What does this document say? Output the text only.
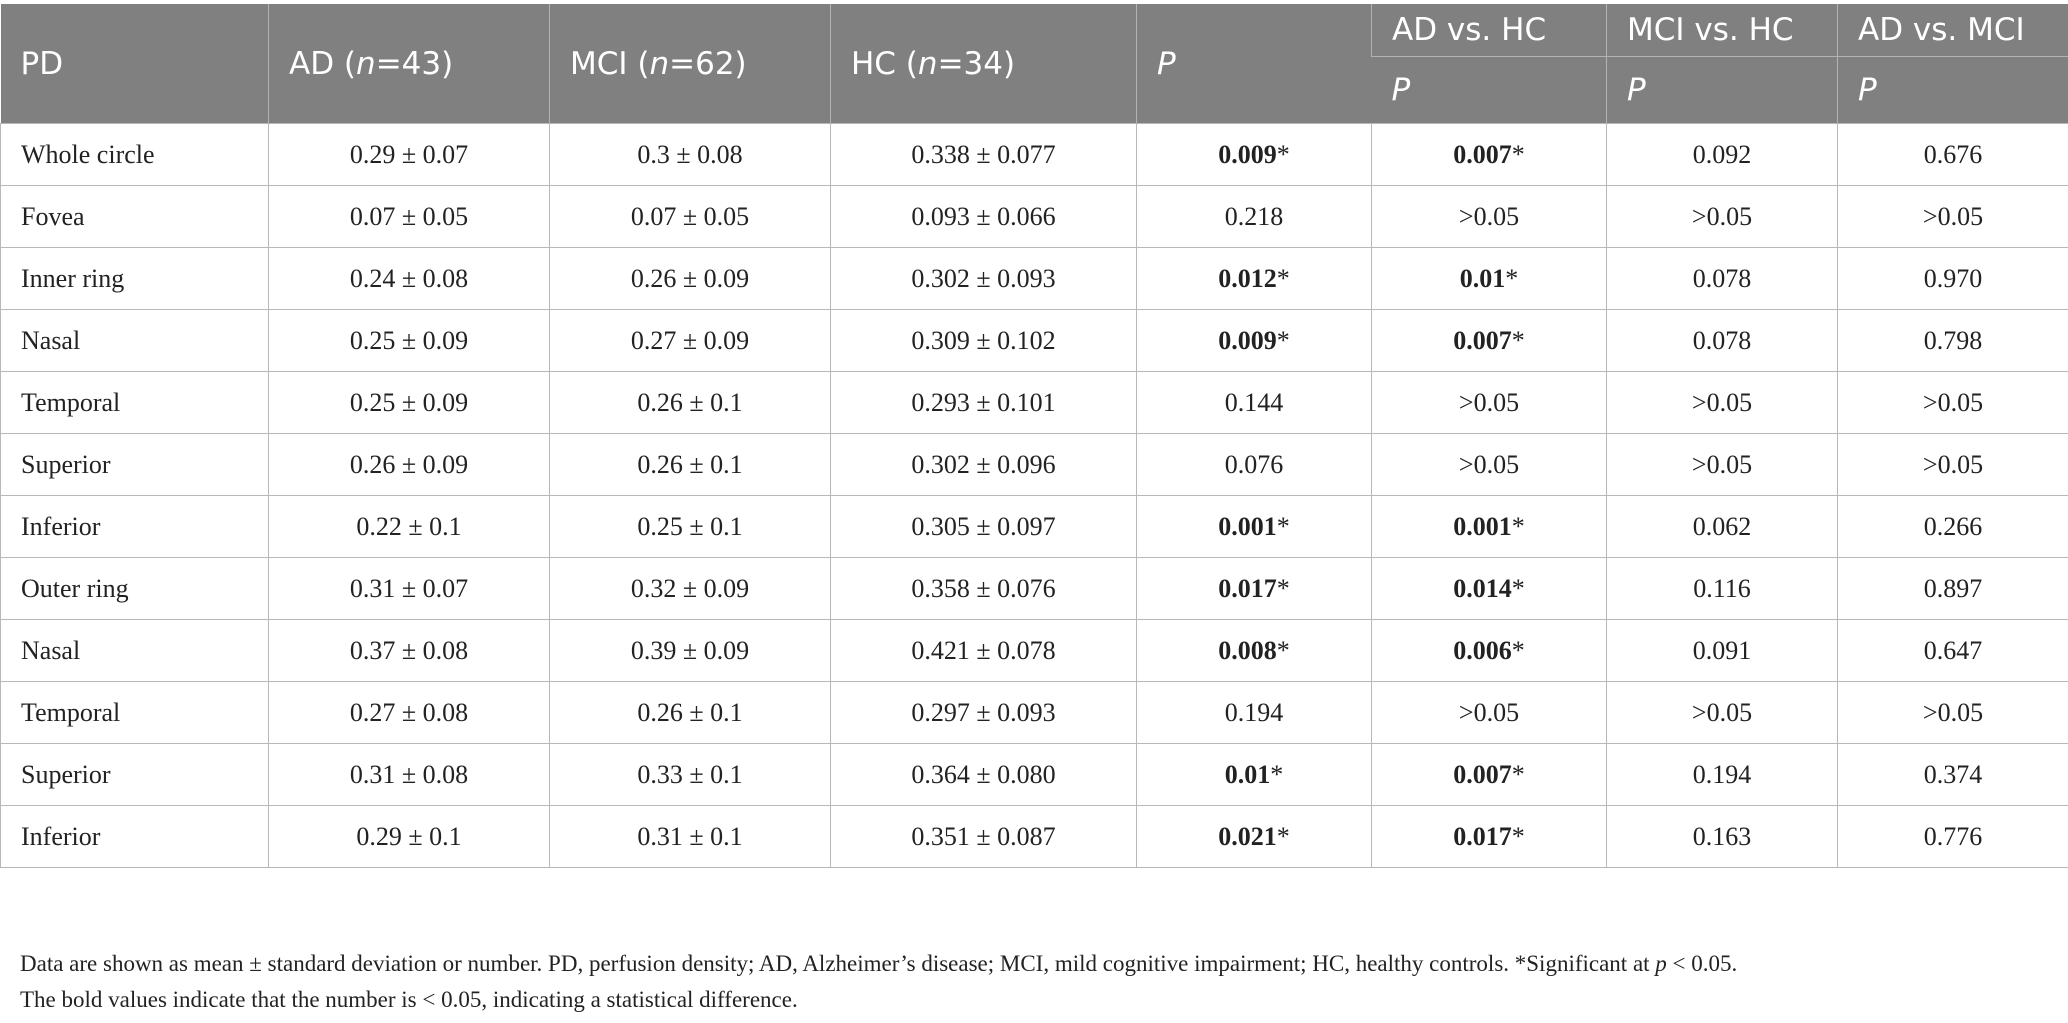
PD	AD (n=43)	MCI (n=62)	HC (n=34)	P	AD vs. HC	MCI vs. HC	AD vs. MCI
					P	P	P
Whole circle	0.29 ± 0.07	0.3 ± 0.08	0.338 ± 0.077	0.009*	0.007*	0.092	0.676
Fovea	0.07 ± 0.05	0.07 ± 0.05	0.093 ± 0.066	0.218	>0.05	>0.05	>0.05
Inner ring	0.24 ± 0.08	0.26 ± 0.09	0.302 ± 0.093	0.012*	0.01*	0.078	0.970
Nasal	0.25 ± 0.09	0.27 ± 0.09	0.309 ± 0.102	0.009*	0.007*	0.078	0.798
Temporal	0.25 ± 0.09	0.26 ± 0.1	0.293 ± 0.101	0.144	>0.05	>0.05	>0.05
Superior	0.26 ± 0.09	0.26 ± 0.1	0.302 ± 0.096	0.076	>0.05	>0.05	>0.05
Inferior	0.22 ± 0.1	0.25 ± 0.1	0.305 ± 0.097	0.001*	0.001*	0.062	0.266
Outer ring	0.31 ± 0.07	0.32 ± 0.09	0.358 ± 0.076	0.017*	0.014*	0.116	0.897
Nasal	0.37 ± 0.08	0.39 ± 0.09	0.421 ± 0.078	0.008*	0.006*	0.091	0.647
Temporal	0.27 ± 0.08	0.26 ± 0.1	0.297 ± 0.093	0.194	>0.05	>0.05	>0.05
Superior	0.31 ± 0.08	0.33 ± 0.1	0.364 ± 0.080	0.01*	0.007*	0.194	0.374
Inferior	0.29 ± 0.1	0.31 ± 0.1	0.351 ± 0.087	0.021*	0.017*	0.163	0.776

Data are shown as mean ± standard deviation or number. PD, perfusion density; AD, Alzheimer’s disease; MCI, mild cognitive impairment; HC, healthy controls. *Significant at p < 0.05.

The bold values indicate that the number is < 0.05, indicating a statistical difference.
